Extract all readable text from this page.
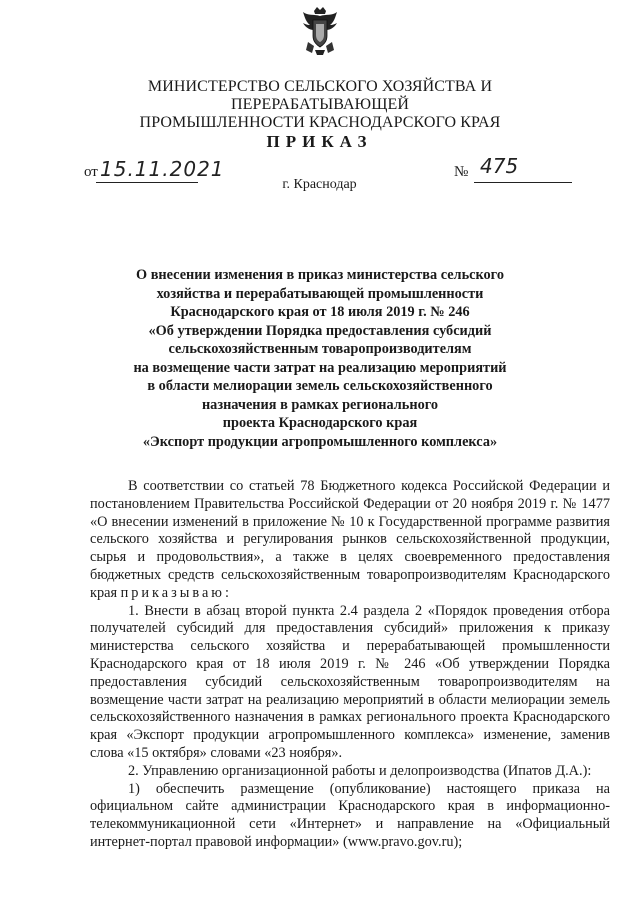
МИНИСТЕРСТВО СЕЛЬСКОГО ХОЗЯЙСТВА И ПЕРЕРАБАТЫВАЮЩЕЙ
ПРОМЫШЛЕННОСТИ КРАСНОДАРСКОГО КРАЯ
ПРИКАЗ
от 15.11.2021
г. Краснодар
№ 475
О внесении изменения в приказ министерства сельского
хозяйства и перерабатывающей промышленности
Краснодарского края от 18 июля 2019 г. № 246
«Об утверждении Порядка предоставления субсидий
сельскохозяйственным товаропроизводителям
на возмещение части затрат на реализацию мероприятий
в области мелиорации земель сельскохозяйственного
назначения в рамках регионального
проекта Краснодарского края
«Экспорт продукции агропромышленного комплекса»

В соответствии со статьей 78 Бюджетного кодекса Российской Федерации и постановлением Правительства Российской Федерации от 20 ноября 2019 г. № 1477 «О внесении изменений в приложение № 10 к Государственной программе развития сельского хозяйства и регулирования рынков сельскохозяйственной продукции, сырья и продовольствия», а также в целях своевременного предоставления бюджетных средств сельскохозяйственным товаропроизводителям Краснодарского края приказываю:

1. Внести в абзац второй пункта 2.4 раздела 2 «Порядок проведения отбора получателей субсидий для предоставления субсидий» приложения к приказу министерства сельского хозяйства и перерабатывающей промышленности Краснодарского края от 18 июля 2019 г. № 246 «Об утверждении Порядка предоставления субсидий сельскохозяйственным товаропроизводителям на возмещение части затрат на реализацию мероприятий в области мелиорации земель сельскохозяйственного назначения в рамках регионального проекта Краснодарского края «Экспорт продукции агропромышленного комплекса» изменение, заменив слова «15 октября» словами «23 ноября».

2. Управлению организационной работы и делопроизводства (Ипатов Д.А.):

1) обеспечить размещение (опубликование) настоящего приказа на официальном сайте администрации Краснодарского края в информационно-телекоммуникационной сети «Интернет» и направление на «Официальный интернет-портал правовой информации» (www.pravo.gov.ru);
